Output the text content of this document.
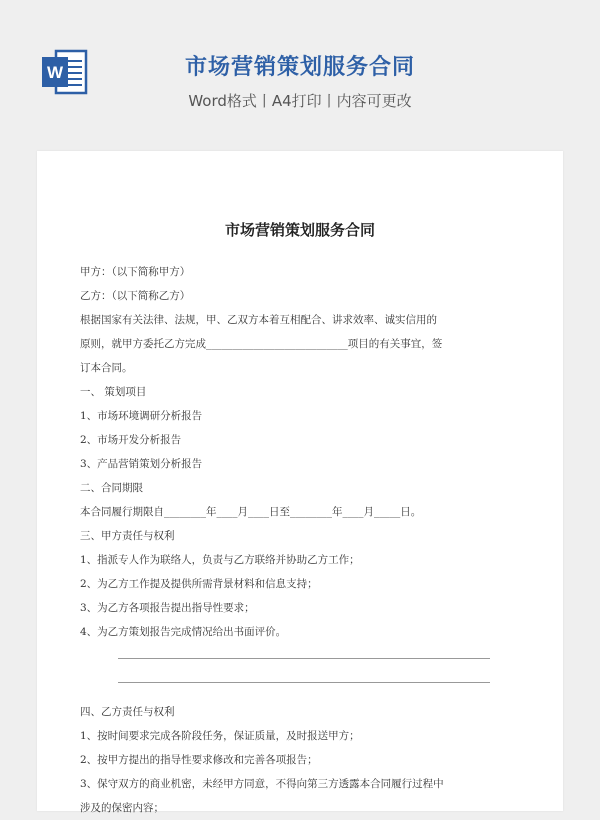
W	市场营销策划服务合同
Word格式丨A4打印丨内容可更改
市场营销策划服务合同
甲方：（以下简称甲方）
乙方：（以下简称乙方）
根据国家有关法律、法规，甲、乙双方本着互相配合、讲求效率、诚实信用的
原则，就甲方委托乙方完成___________________________项目的有关事宜，签
订本合同。
一、 策划项目
1、市场环境调研分析报告
2、市场开发分析报告
3、产品营销策划分析报告
二、合同期限
本合同履行期限自________年____月____日至________年____月_____日。
三、甲方责任与权利
1、指派专人作为联络人，负责与乙方联络并协助乙方工作；
2、为乙方工作提及提供所需背景材料和信息支持；
3、为乙方各项报告提出指导性要求；
4、为乙方策划报告完成情况给出书面评价。
四、乙方责任与权利
1、按时间要求完成各阶段任务，保证质量，及时报送甲方；
2、按甲方提出的指导性要求修改和完善各项报告；
3、保守双方的商业机密，未经甲方同意，不得向第三方透露本合同履行过程中
涉及的保密内容；
